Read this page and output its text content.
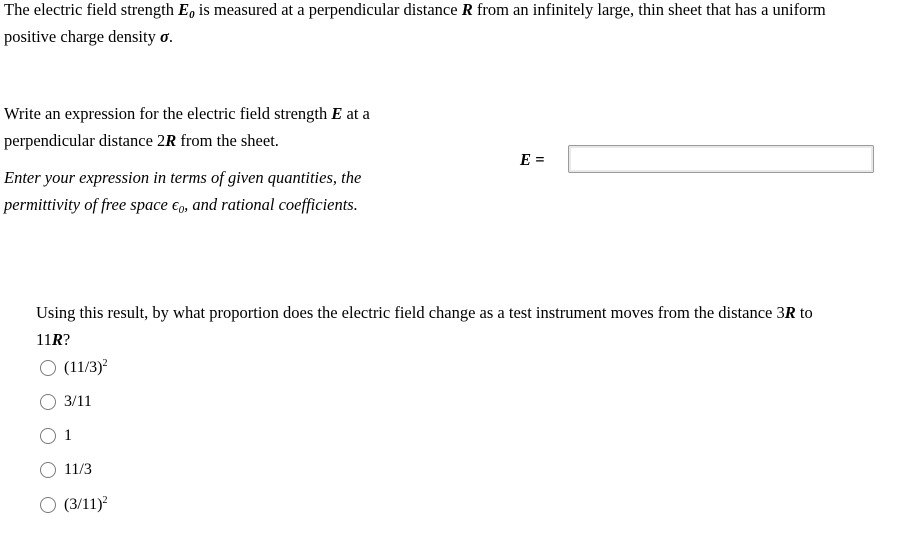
The electric field strength $E_0$ is measured at a perpendicular distance R from an infinitely large, thin sheet that has a uniform
positive charge density σ.
Write an expression for the electric field strength E at a
perpendicular distance 2R from the sheet.
Enter your expression in terms of given quantities, the
permittivity of free space $\epsilon_0$, and rational coefficients.
E =
Using this result, by what proportion does the electric field change as a test instrument moves from the distance 3R to
11R?
$(11/3)^2$
3/11
1
11/3
$(3/11)^2$
